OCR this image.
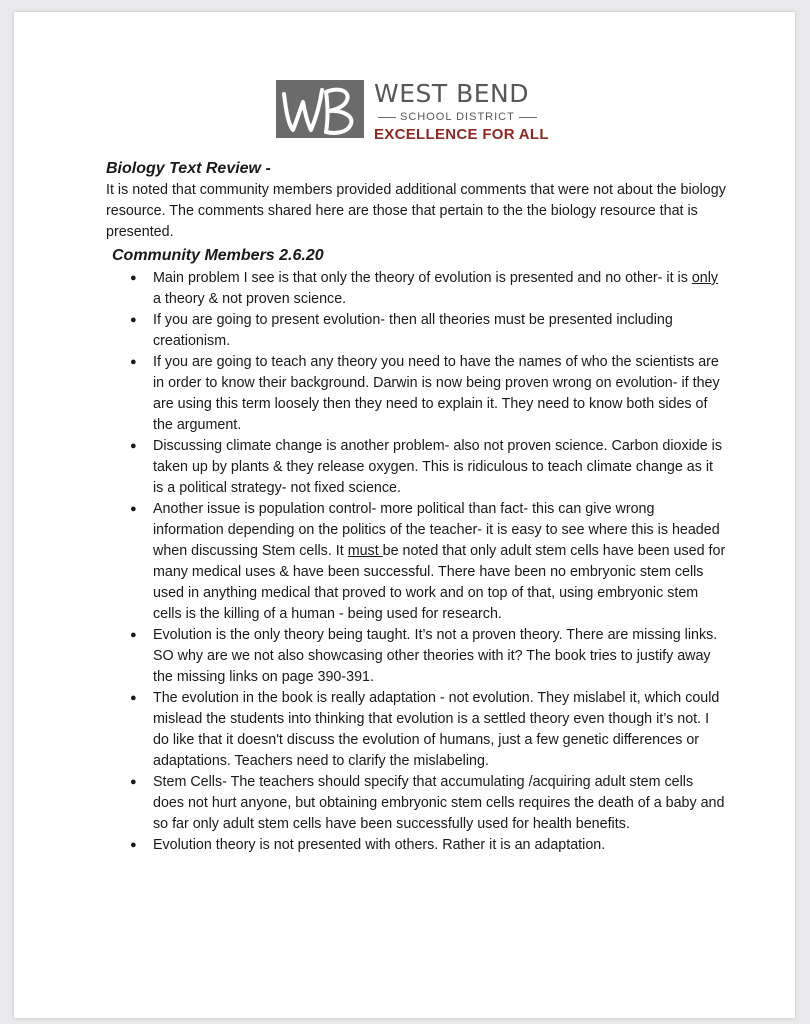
WEST BEND
SCHOOL DISTRICT
EXCELLENCE FOR ALL

Biology Text Review -

It is noted that community members provided additional comments that were not about the biology resource. The comments shared here are those that pertain to the the biology resource that is presented.

Community Members 2.6.20

● Main problem I see is that only the theory of evolution is presented and no other- it is only a theory & not proven science.
● If you are going to present evolution- then all theories must be presented including creationism.
● If you are going to teach any theory you need to have the names of who the scientists are in order to know their background. Darwin is now being proven wrong on evolution- if they are using this term loosely then they need to explain it. They need to know both sides of the argument.
● Discussing climate change is another problem- also not proven science. Carbon dioxide is taken up by plants & they release oxygen. This is ridiculous to teach climate change as it is a political strategy- not fixed science.
● Another issue is population control- more political than fact- this can give wrong information depending on the politics of the teacher- it is easy to see where this is headed when discussing Stem cells. It must be noted that only adult stem cells have been used for many medical uses & have been successful. There have been no embryonic stem cells used in anything medical that proved to work and on top of that, using embryonic stem cells is the killing of a human - being used for research.
● Evolution is the only theory being taught. It’s not a proven theory. There are missing links. SO why are we not also showcasing other theories with it? The book tries to justify away the missing links on page 390-391.
● The evolution in the book is really adaptation - not evolution. They mislabel it, which could mislead the students into thinking that evolution is a settled theory even though it’s not. I do like that it doesn't discuss the evolution of humans, just a few genetic differences or adaptations. Teachers need to clarify the mislabeling.
● Stem Cells- The teachers should specify that accumulating /acquiring adult stem cells does not hurt anyone, but obtaining embryonic stem cells requires the death of a baby and so far only adult stem cells have been successfully used for health benefits.
● Evolution theory is not presented with others. Rather it is an adaptation.
